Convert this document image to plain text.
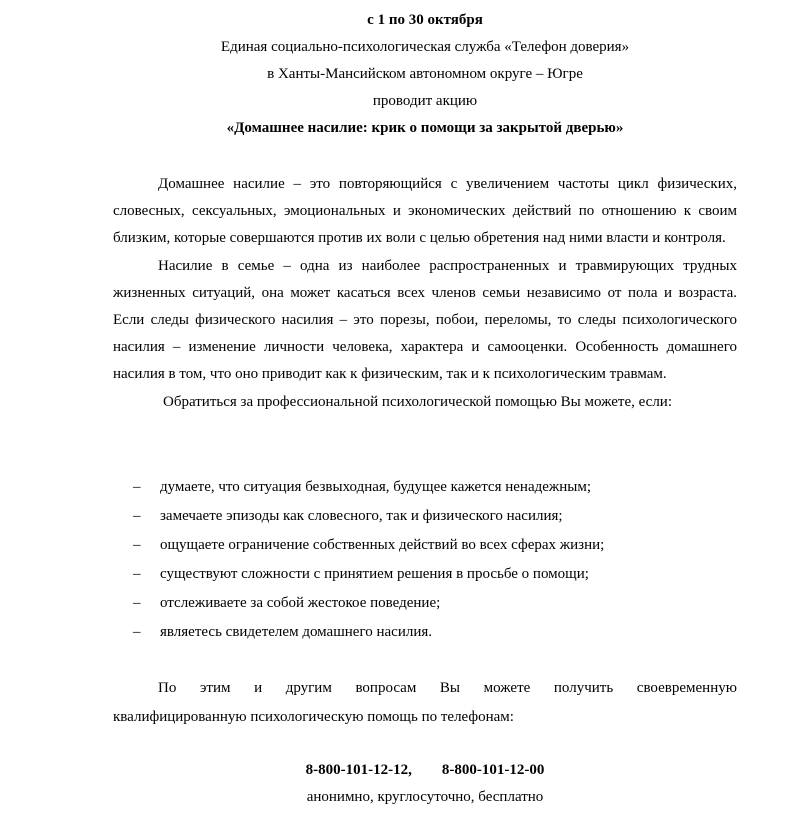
с 1 по 30 октября
Единая социально-психологическая служба «Телефон доверия»
в Ханты-Мансийском автономном округе – Югре
проводит акцию
«Домашнее насилие: крик о помощи за закрытой дверью»

Домашнее насилие – это повторяющийся с увеличением частоты цикл физических, словесных, сексуальных, эмоциональных и экономических действий по отношению к своим близким, которые совершаются против их воли с целью обретения над ними власти и контроля.

Насилие в семье – одна из наиболее распространенных и травмирующих трудных жизненных ситуаций, она может касаться всех членов семьи независимо от пола и возраста. Если следы физического насилия – это порезы, побои, переломы, то следы психологического насилия – изменение личности человека, характера и самооценки. Особенность домашнего насилия в том, что оно приводит как к физическим, так и к психологическим травмам.

Обратиться за профессиональной психологической помощью Вы можете, если:

– думаете, что ситуация безвыходная, будущее кажется ненадежным;
– замечаете эпизоды как словесного, так и физического насилия;
– ощущаете ограничение собственных действий во всех сферах жизни;
– существуют сложности с принятием решения в просьбе о помощи;
– отслеживаете за собой жестокое поведение;
– являетесь свидетелем домашнего насилия.
По этим и другим вопросам Вы можете получить своевременную
квалифицированную психологическую помощь по телефонам:
8-800-101-12-12, 8-800-101-12-00
анонимно, круглосуточно, бесплатно
